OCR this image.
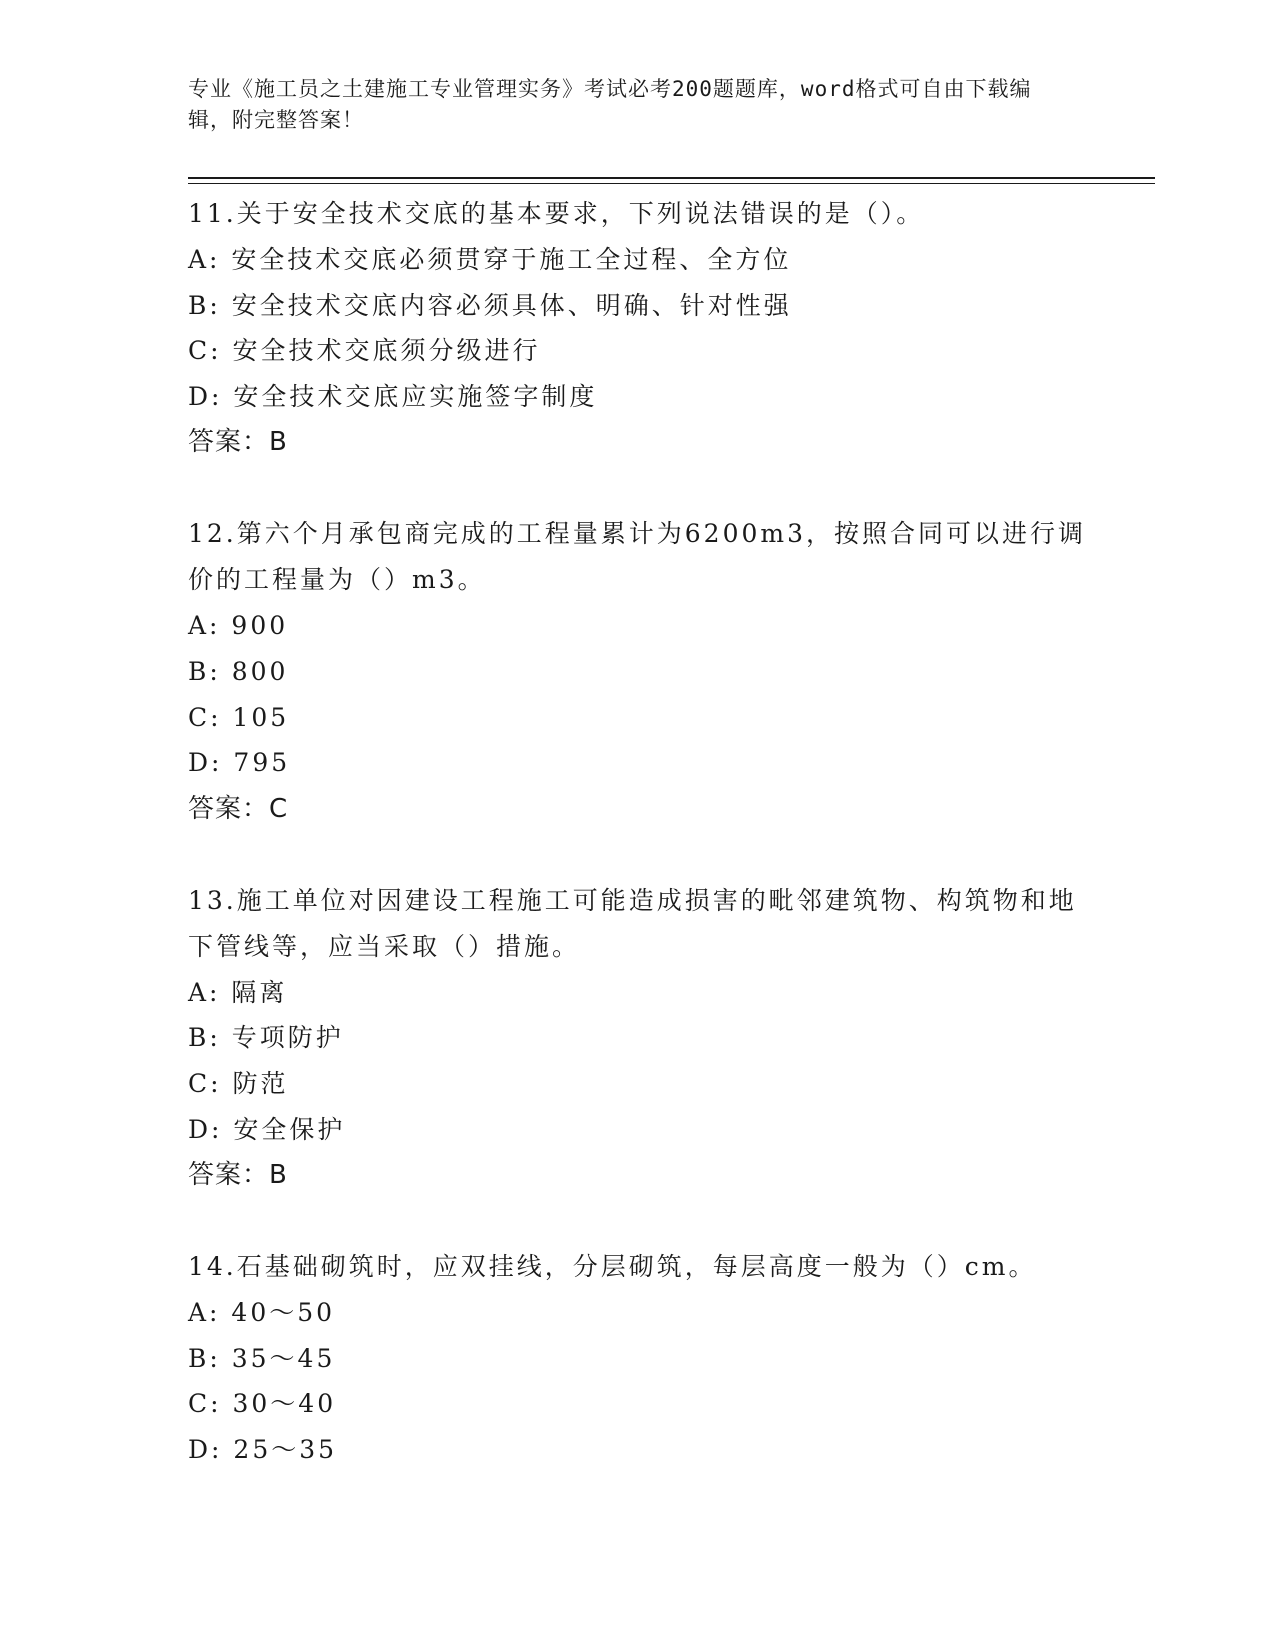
专业《施工员之土建施工专业管理实务》考试必考200题题库，word格式可自由下载编辑，附完整答案！
11.关于安全技术交底的基本要求，下列说法错误的是（）。
A: 安全技术交底必须贯穿于施工全过程、全方位
B: 安全技术交底内容必须具体、明确、针对性强
C: 安全技术交底须分级进行
D: 安全技术交底应实施签字制度
答案：B
12.第六个月承包商完成的工程量累计为6200m3，按照合同可以进行调价的工程量为（）m3。
A: 900
B: 800
C: 105
D: 795
答案：C
13.施工单位对因建设工程施工可能造成损害的毗邻建筑物、构筑物和地下管线等，应当采取（）措施。
A: 隔离
B: 专项防护
C: 防范
D: 安全保护
答案：B
14.石基础砌筑时，应双挂线，分层砌筑，每层高度一般为（）cm。
A: 40～50
B: 35～45
C: 30～40
D: 25～35
